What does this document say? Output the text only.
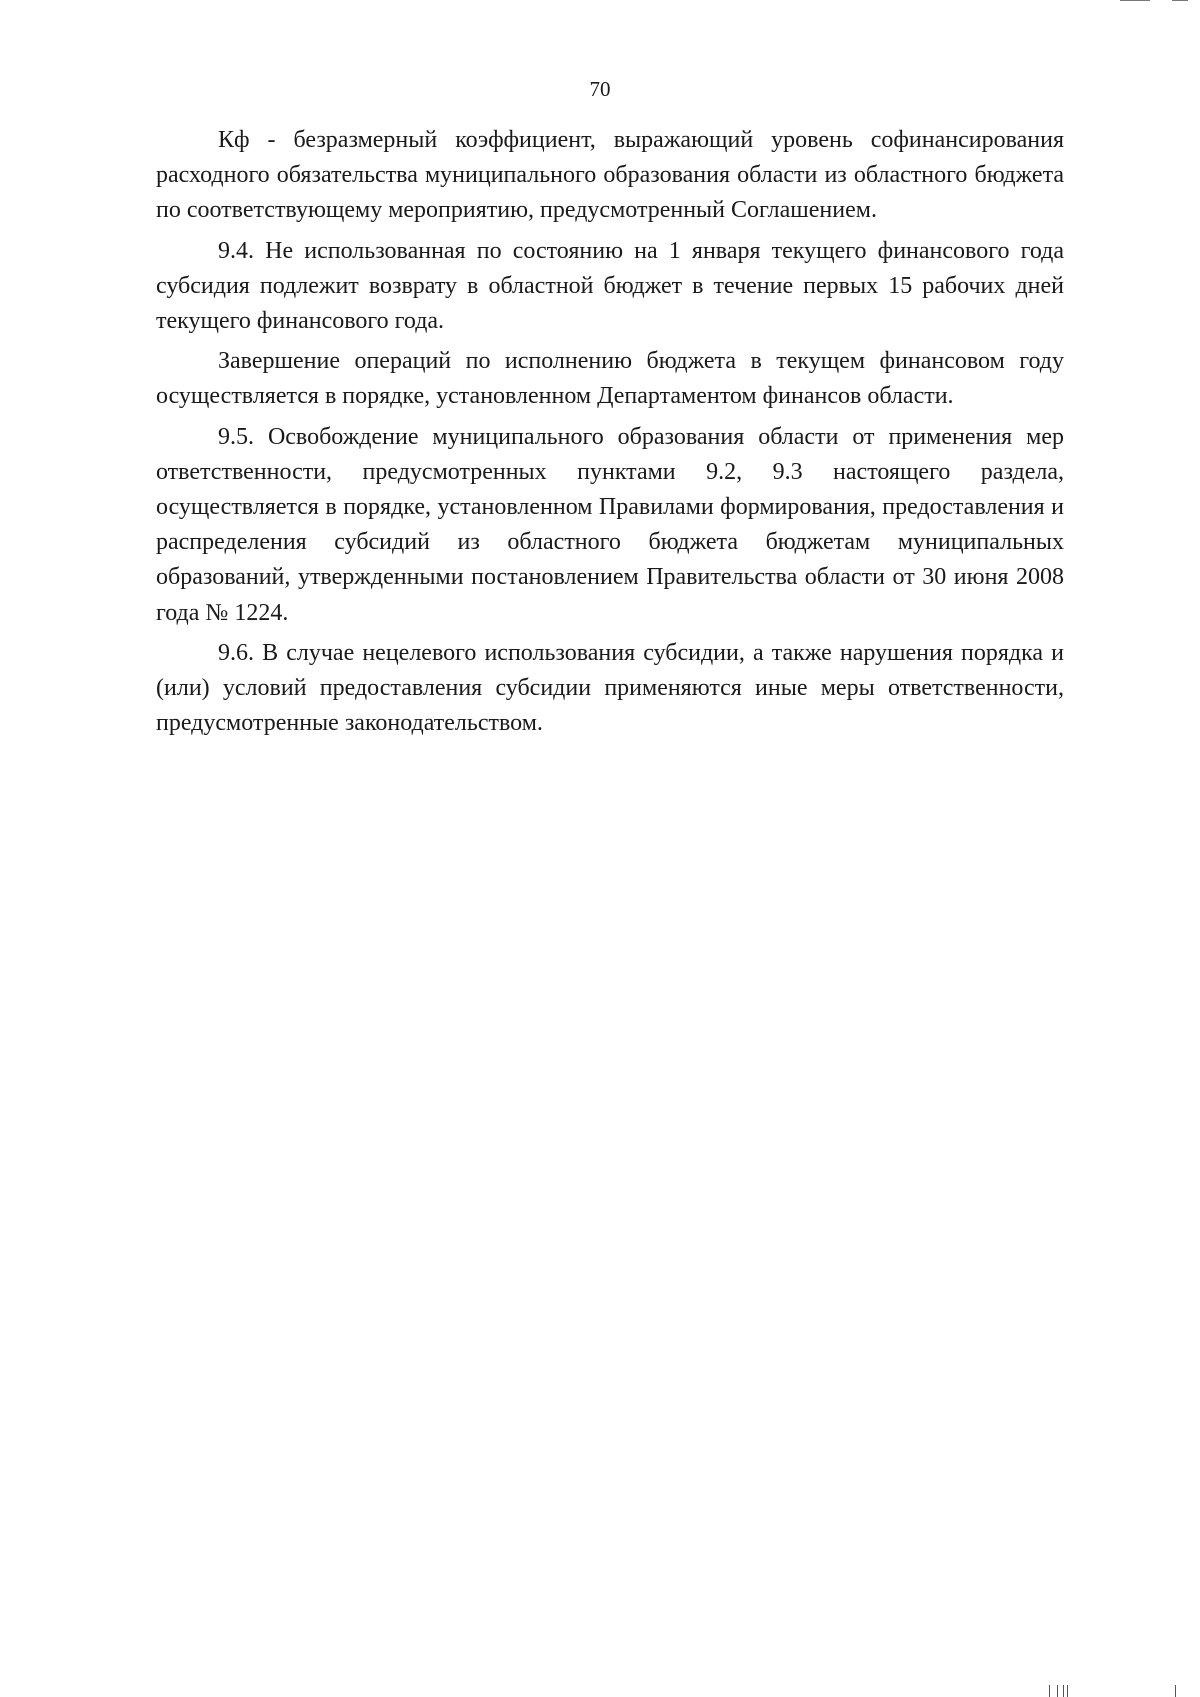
70

Кф - безразмерный коэффициент, выражающий уровень софинансирования расходного обязательства муниципального образования области из областного бюджета по соответствующему мероприятию, предусмотренный Соглашением.

9.4. Не использованная по состоянию на 1 января текущего финансового года субсидия подлежит возврату в областной бюджет в течение первых 15 рабочих дней текущего финансового года.

Завершение операций по исполнению бюджета в текущем финансовом году осуществляется в порядке, установленном Департаментом финансов области.

9.5. Освобождение муниципального образования области от применения мер ответственности, предусмотренных пунктами 9.2, 9.3 настоящего раздела, осуществляется в порядке, установленном Правилами формирования, предоставления и распределения субсидий из областного бюджета бюджетам муниципальных образований, утвержденными постановлением Правительства области от 30 июня 2008 года № 1224.

9.6. В случае нецелевого использования субсидии, а также нарушения порядка и (или) условий предоставления субсидии применяются иные меры ответственности, предусмотренные законодательством.
